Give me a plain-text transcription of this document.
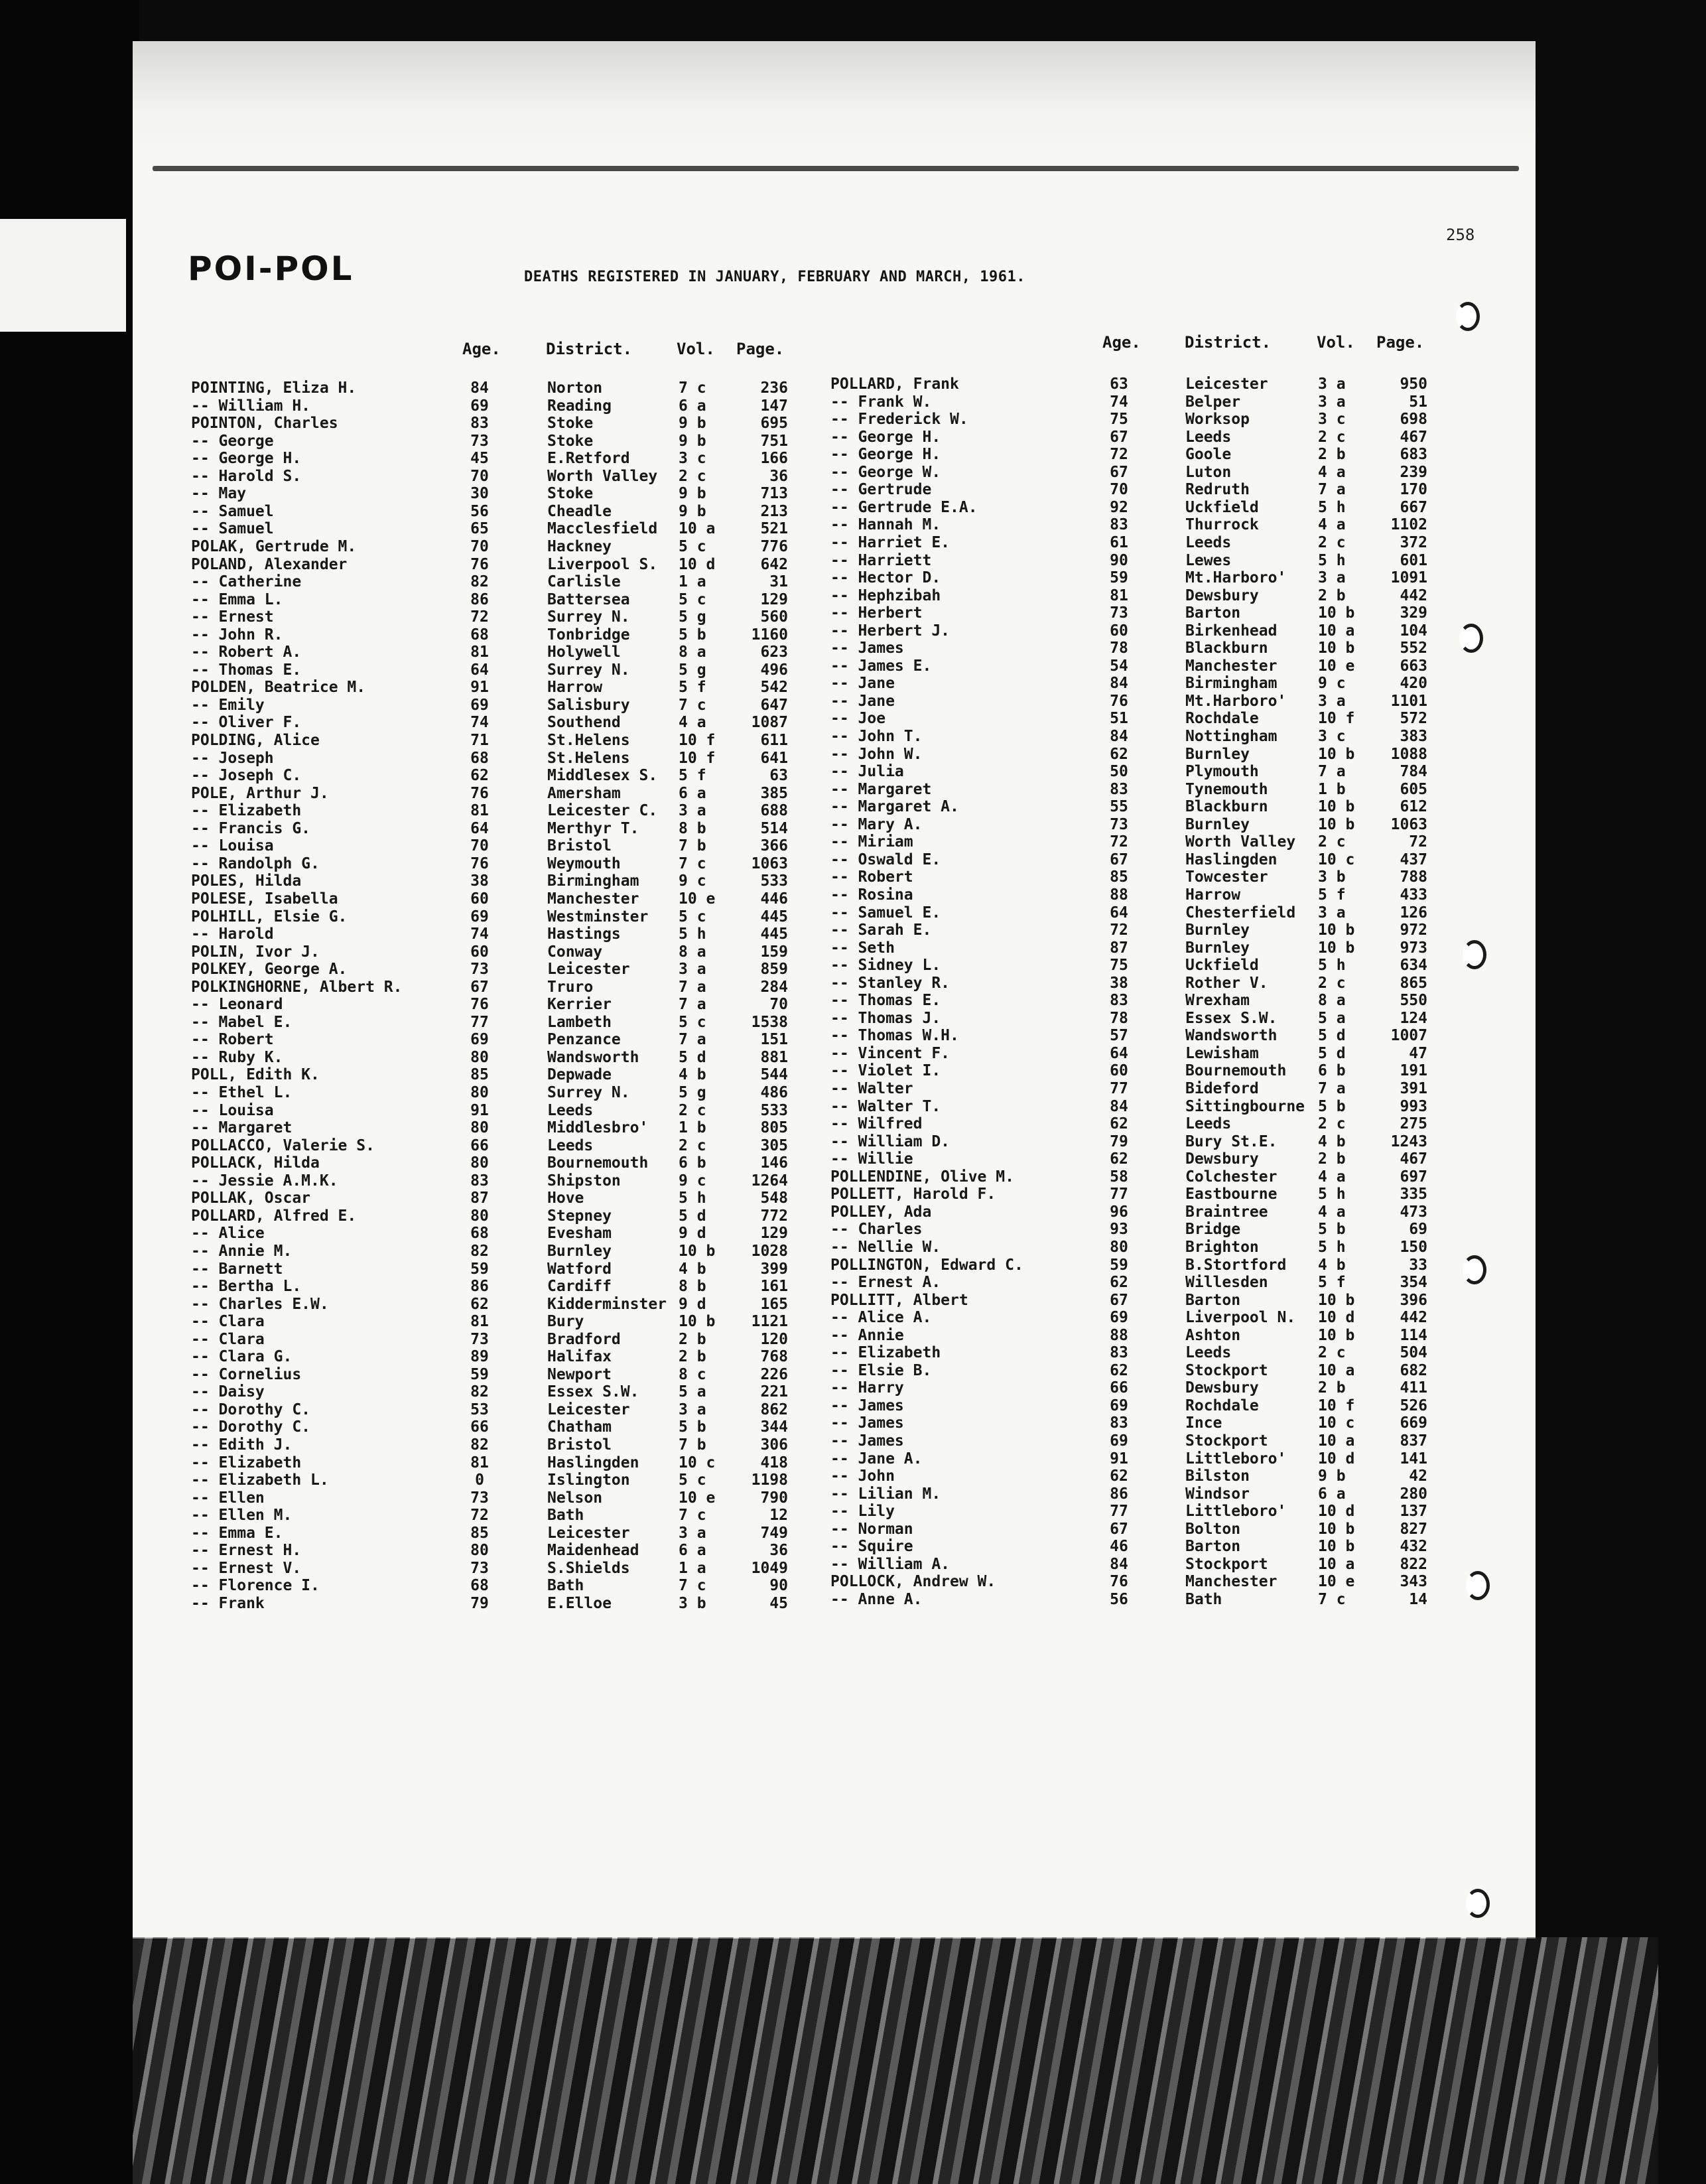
POI-POL
258
DEATHS REGISTERED IN JANUARY, FEBRUARY AND MARCH, 1961.
Age.	District.	Vol. Page.	Age.	District.	Vol. Page.
POINTING, Eliza H.	84	Norton	7 c	236
-- William H.	69	Reading	6 a	147
POINTON, Charles	83	Stoke	9 b	695
-- George	73	Stoke	9 b	751
-- George H.	45	E.Retford	3 c	166
-- Harold S.	70	Worth Valley 2 c	36
-- May	30	Stoke	9 b	713
-- Samuel	56	Cheadle	9 b	213
-- Samuel	65	Macclesfield 10 a	521
POLAK, Gertrude M.	70	Hackney	5 c	776
POLAND, Alexander	76	Liverpool S. 10 d	642
-- Catherine	82	Carlisle	1 a	31
-- Emma L.	86	Battersea	5 c	129
-- Ernest	72	Surrey N.	5 g	560
-- John R.	68	Tonbridge	5 b	1160
-- Robert A.	81	Holywell	8 a	623
-- Thomas E.	64	Surrey N.	5 g	496
POLDEN, Beatrice M.	91	Harrow	5 f	542
-- Emily	69	Salisbury	7 c	647
-- Oliver F.	74	Southend	4 a	1087
POLDING, Alice	71	St.Helens	10 f	611
-- Joseph	68	St.Helens	10 f	641
-- Joseph C.	62	Middlesex S. 5 f	63
POLE, Arthur J.	76	Amersham	6 a	385
-- Elizabeth	81	Leicester C. 3 a	688
-- Francis G.	64	Merthyr T.	8 b	514
-- Louisa	70	Bristol	7 b	366
-- Randolph G.	76	Weymouth	7 c	1063
POLES, Hilda	38	Birmingham	9 c	533
POLESE, Isabella	60	Manchester	10 e	446
POLHILL, Elsie G.	69	Westminster 5 c	445
-- Harold	74	Hastings	5 h	445
POLIN, Ivor J.	60	Conway	8 a	159
POLKEY, George A.	73	Leicester	3 a	859
POLKINGHORNE, Albert R.	67	Truro	7 a	284
-- Leonard	76	Kerrier	7 a	70
-- Mabel E.	77	Lambeth	5 c	1538
-- Robert	69	Penzance	7 a	151
-- Ruby K.	80	Wandsworth	5 d	881
POLL, Edith K.	85	Depwade	4 b	544
-- Ethel L.	80	Surrey N.	5 g	486
-- Louisa	91	Leeds	2 c	533
-- Margaret	80	Middlesbro' 1 b	805
POLLACCO, Valerie S.	66	Leeds	2 c	305
POLLACK, Hilda	80	Bournemouth 6 b	146
-- Jessie A.M.K.	83	Shipston	9 c	1264
POLLAK, Oscar	87	Hove	5 h	548
POLLARD, Alfred E.	80	Stepney	5 d	772
-- Alice	68	Evesham	9 d	129
-- Annie M.	82	Burnley	10 b	1028
-- Barnett	59	Watford	4 b	399
-- Bertha L.	86	Cardiff	8 b	161
-- Charles E.W.	62	Kidderminster 9 d	165
-- Clara	81	Bury	10 b	1121
-- Clara	73	Bradford	2 b	120
-- Clara G.	89	Halifax	2 b	768
-- Cornelius	59	Newport	8 c	226
-- Daisy	82	Essex S.W.	5 a	221
-- Dorothy C.	53	Leicester	3 a	862
-- Dorothy C.	66	Chatham	5 b	344
-- Edith J.	82	Bristol	7 b	306
-- Elizabeth	81	Haslingden	10 c	418
-- Elizabeth L.	0	Islington	5 c	1198
-- Ellen	73	Nelson	10 e	790
-- Ellen M.	72	Bath	7 c	12
-- Emma E.	85	Leicester	3 a	749
-- Ernest H.	80	Maidenhead	6 a	36
-- Ernest V.	73	S.Shields	1 a	1049
-- Florence I.	68	Bath	7 c	90
-- Frank	79	E.Elloe	3 b	45
POLLARD, Frank	63	Leicester	3 a	950
-- Frank W.	74	Belper	3 a	51
-- Frederick W.	75	Worksop	3 c	698
-- George H.	67	Leeds	2 c	467
-- George H.	72	Goole	2 b	683
-- George W.	67	Luton	4 a	239
-- Gertrude	70	Redruth	7 a	170
-- Gertrude E.A.	92	Uckfield	5 h	667
-- Hannah M.	83	Thurrock	4 a	1102
-- Harriet E.	61	Leeds	2 c	372
-- Harriett	90	Lewes	5 h	601
-- Hector D.	59	Mt.Harboro' 3 a	1091
-- Hephzibah	81	Dewsbury	2 b	442
-- Herbert	73	Barton	10 b	329
-- Herbert J.	60	Birkenhead	10 a	104
-- James	78	Blackburn	10 b	552
-- James E.	54	Manchester	10 e	663
-- Jane	84	Birmingham	9 c	420
-- Jane	76	Mt.Harboro' 3 a	1101
-- Joe	51	Rochdale	10 f	572
-- John T.	84	Nottingham	3 c	383
-- John W.	62	Burnley	10 b	1088
-- Julia	50	Plymouth	7 a	784
-- Margaret	83	Tynemouth	1 b	605
-- Margaret A.	55	Blackburn	10 b	612
-- Mary A.	73	Burnley	10 b	1063
-- Miriam	72	Worth Valley 2 c	72
-- Oswald E.	67	Haslingden	10 c	437
-- Robert	85	Towcester	3 b	788
-- Rosina	88	Harrow	5 f	433
-- Samuel E.	64	Chesterfield 3 a	126
-- Sarah E.	72	Burnley	10 b	972
-- Seth	87	Burnley	10 b	973
-- Sidney L.	75	Uckfield	5 h	634
-- Stanley R.	38	Rother V.	2 c	865
-- Thomas E.	83	Wrexham	8 a	550
-- Thomas J.	78	Essex S.W.	5 a	124
-- Thomas W.H.	57	Wandsworth	5 d	1007
-- Vincent F.	64	Lewisham	5 d	47
-- Violet I.	60	Bournemouth 6 b	191
-- Walter	77	Bideford	7 a	391
-- Walter T.	84	Sittingbourne 5 b	993
-- Wilfred	62	Leeds	2 c	275
-- William D.	79	Bury St.E.	4 b	1243
-- Willie	62	Dewsbury	2 b	467
POLLENDINE, Olive M.	58	Colchester	4 a	697
POLLETT, Harold F.	77	Eastbourne	5 h	335
POLLEY, Ada	96	Braintree	4 a	473
-- Charles	93	Bridge	5 b	69
-- Nellie W.	80	Brighton	5 h	150
POLLINGTON, Edward C.	59	B.Stortford 4 b	33
-- Ernest A.	62	Willesden	5 f	354
POLLITT, Albert	67	Barton	10 b	396
-- Alice A.	69	Liverpool N. 10 d	442
-- Annie	88	Ashton	10 b	114
-- Elizabeth	83	Leeds	2 c	504
-- Elsie B.	62	Stockport	10 a	682
-- Harry	66	Dewsbury	2 b	411
-- James	69	Rochdale	10 f	526
-- James	83	Ince	10 c	669
-- James	69	Stockport	10 a	837
-- Jane A.	91	Littleboro' 10 d	141
-- John	62	Bilston	9 b	42
-- Lilian M.	86	Windsor	6 a	280
-- Lily	77	Littleboro' 10 d	137
-- Norman	67	Bolton	10 b	827
-- Squire	46	Barton	10 b	432
-- William A.	84	Stockport	10 a	822
POLLOCK, Andrew W.	76	Manchester	10 e	343
-- Anne A.	56	Bath	7 c	14
